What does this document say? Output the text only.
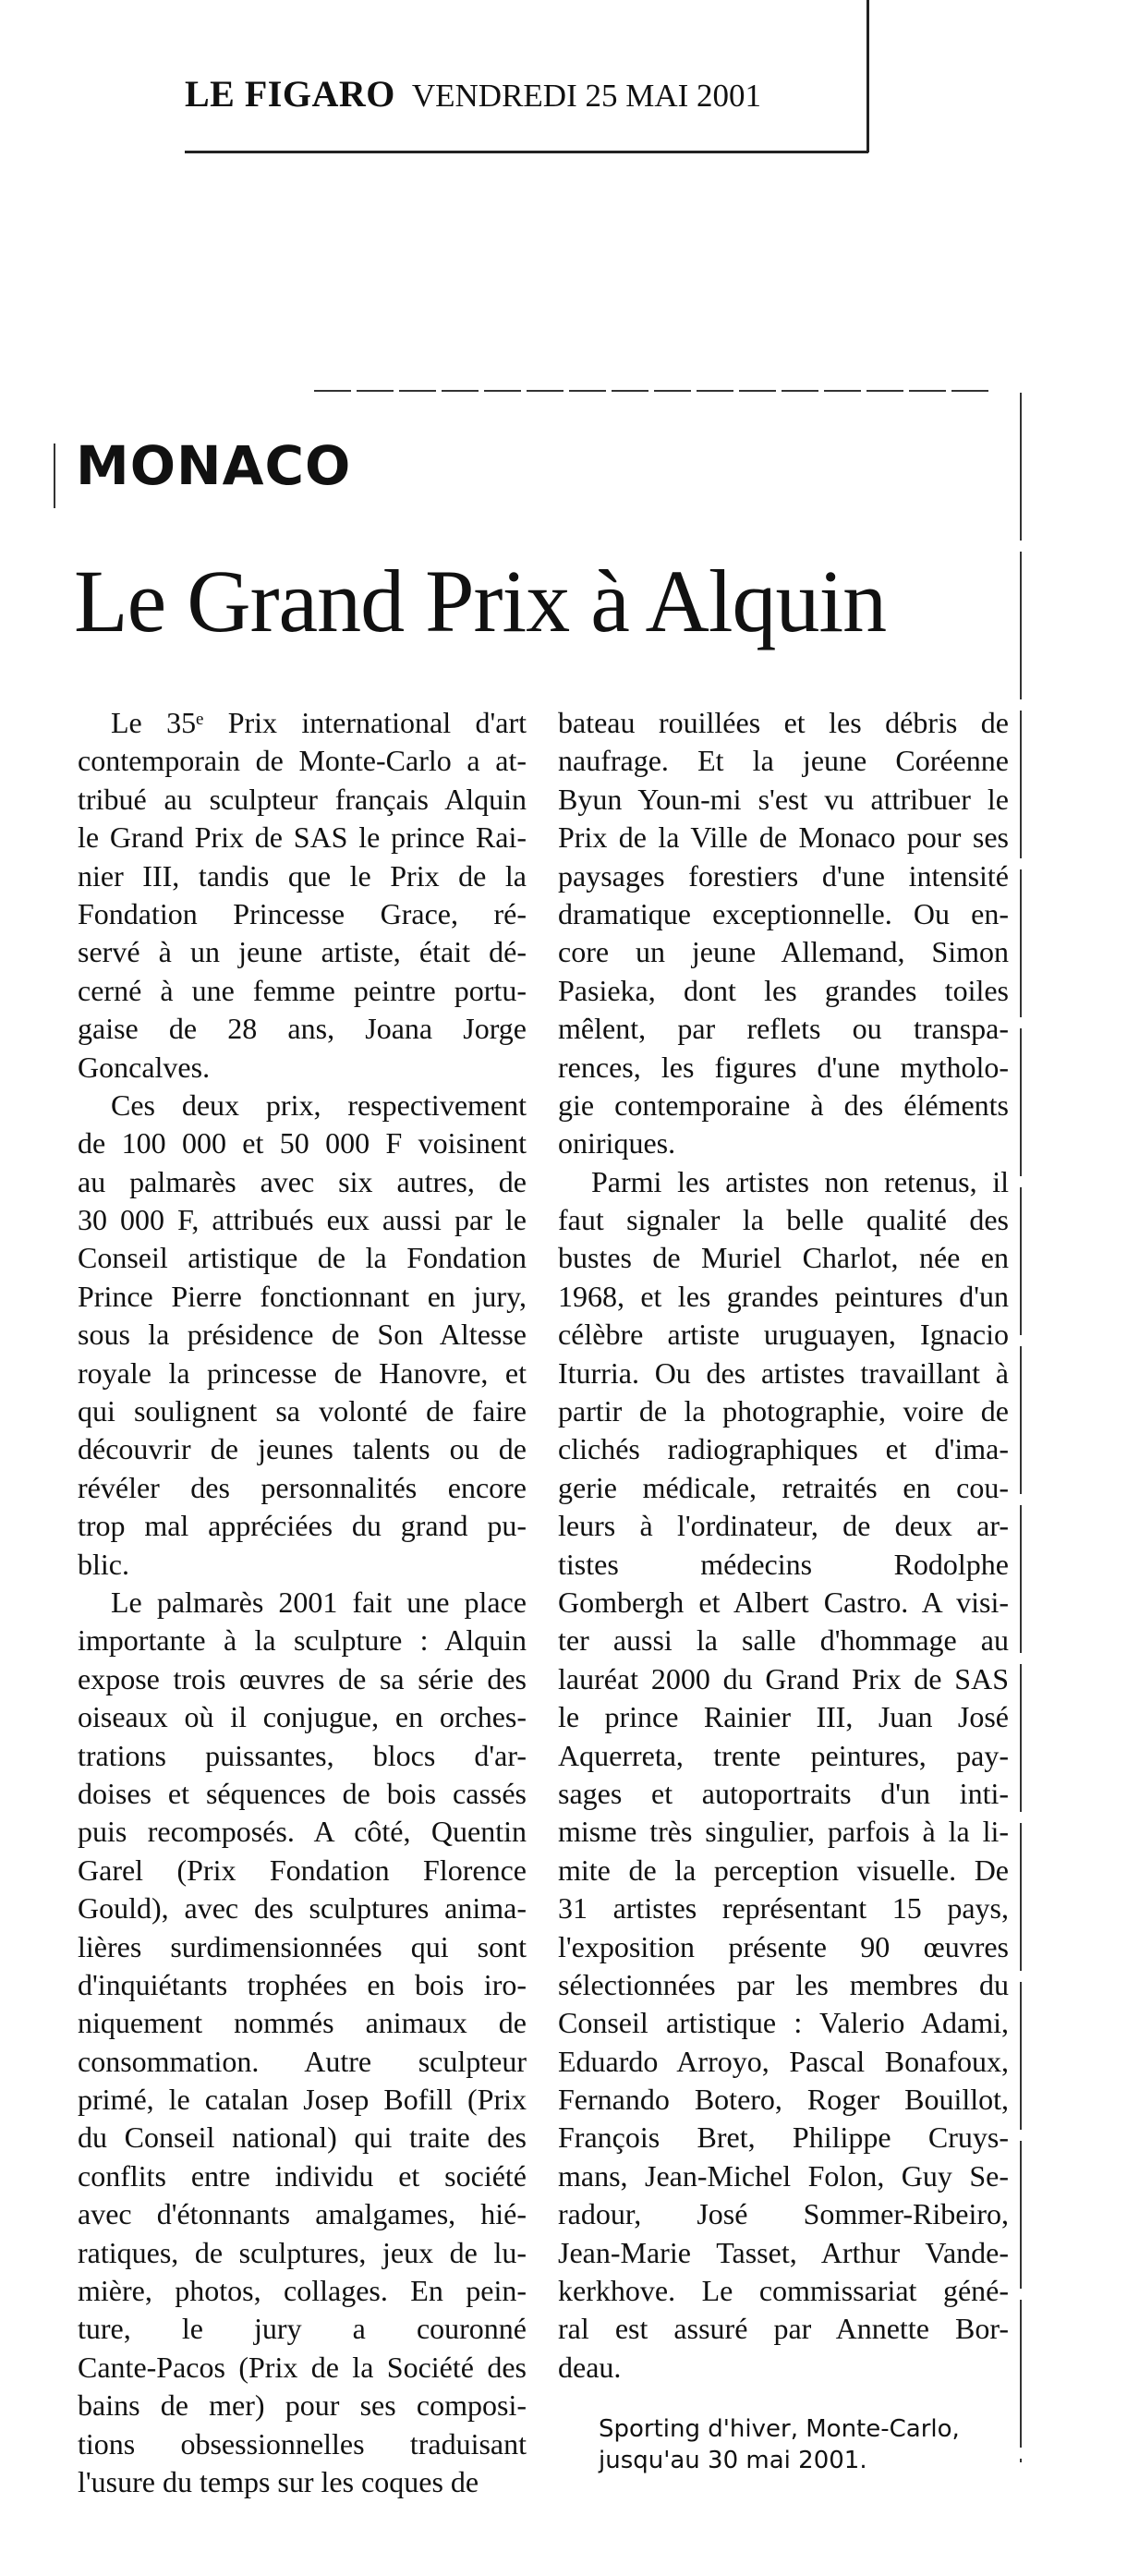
LE FIGARO VENDREDI 25 MAI 2001
MONACO
Le Grand Prix à Alquin
Le 35ᵉ Prix international d'art
contemporain de Monte-Carlo a at-
tribué au sculpteur français Alquin
le Grand Prix de SAS le prince Rai-
nier III, tandis que le Prix de la
Fondation Princesse Grace, ré-
servé à un jeune artiste, était dé-
cerné à une femme peintre portu-
gaise de 28 ans, Joana Jorge
Goncalves.
Ces deux prix, respectivement
de 100 000 et 50 000 F voisinent
au palmarès avec six autres, de
30 000 F, attribués eux aussi par le
Conseil artistique de la Fondation
Prince Pierre fonctionnant en jury,
sous la présidence de Son Altesse
royale la princesse de Hanovre, et
qui soulignent sa volonté de faire
découvrir de jeunes talents ou de
révéler des personnalités encore
trop mal appréciées du grand pu-
blic.
Le palmarès 2001 fait une place
importante à la sculpture : Alquin
expose trois œuvres de sa série des
oiseaux où il conjugue, en orches-
trations puissantes, blocs d'ar-
doises et séquences de bois cassés
puis recomposés. A côté, Quentin
Garel (Prix Fondation Florence
Gould), avec des sculptures anima-
lières surdimensionnées qui sont
d'inquiétants trophées en bois iro-
niquement nommés animaux de
consommation. Autre sculpteur
primé, le catalan Josep Bofill (Prix
du Conseil national) qui traite des
conflits entre individu et société
avec d'étonnants amalgames, hié-
ratiques, de sculptures, jeux de lu-
mière, photos, collages. En pein-
ture, le jury a couronné
Cante-Pacos (Prix de la Société des
bains de mer) pour ses composi-
tions obsessionnelles traduisant
l'usure du temps sur les coques de
bateau rouillées et les débris de
naufrage. Et la jeune Coréenne
Byun Youn-mi s'est vu attribuer le
Prix de la Ville de Monaco pour ses
paysages forestiers d'une intensité
dramatique exceptionnelle. Ou en-
core un jeune Allemand, Simon
Pasieka, dont les grandes toiles
mêlent, par reflets ou transpa-
rences, les figures d'une mytholo-
gie contemporaine à des éléments
oniriques.
Parmi les artistes non retenus, il
faut signaler la belle qualité des
bustes de Muriel Charlot, née en
1968, et les grandes peintures d'un
célèbre artiste uruguayen, Ignacio
Iturria. Ou des artistes travaillant à
partir de la photographie, voire de
clichés radiographiques et d'ima-
gerie médicale, retraités en cou-
leurs à l'ordinateur, de deux ar-
tistes médecins Rodolphe
Gombergh et Albert Castro. A visi-
ter aussi la salle d'hommage au
lauréat 2000 du Grand Prix de SAS
le prince Rainier III, Juan José
Aquerreta, trente peintures, pay-
sages et autoportraits d'un inti-
misme très singulier, parfois à la li-
mite de la perception visuelle. De
31 artistes représentant 15 pays,
l'exposition présente 90 œuvres
sélectionnées par les membres du
Conseil artistique : Valerio Adami,
Eduardo Arroyo, Pascal Bonafoux,
Fernando Botero, Roger Bouillot,
François Bret, Philippe Cruys-
mans, Jean-Michel Folon, Guy Se-
radour, José Sommer-Ribeiro,
Jean-Marie Tasset, Arthur Vande-
kerkhove. Le commissariat géné-
ral est assuré par Annette Bor-
deau.
Sporting d'hiver, Monte-Carlo,
jusqu'au 30 mai 2001.
